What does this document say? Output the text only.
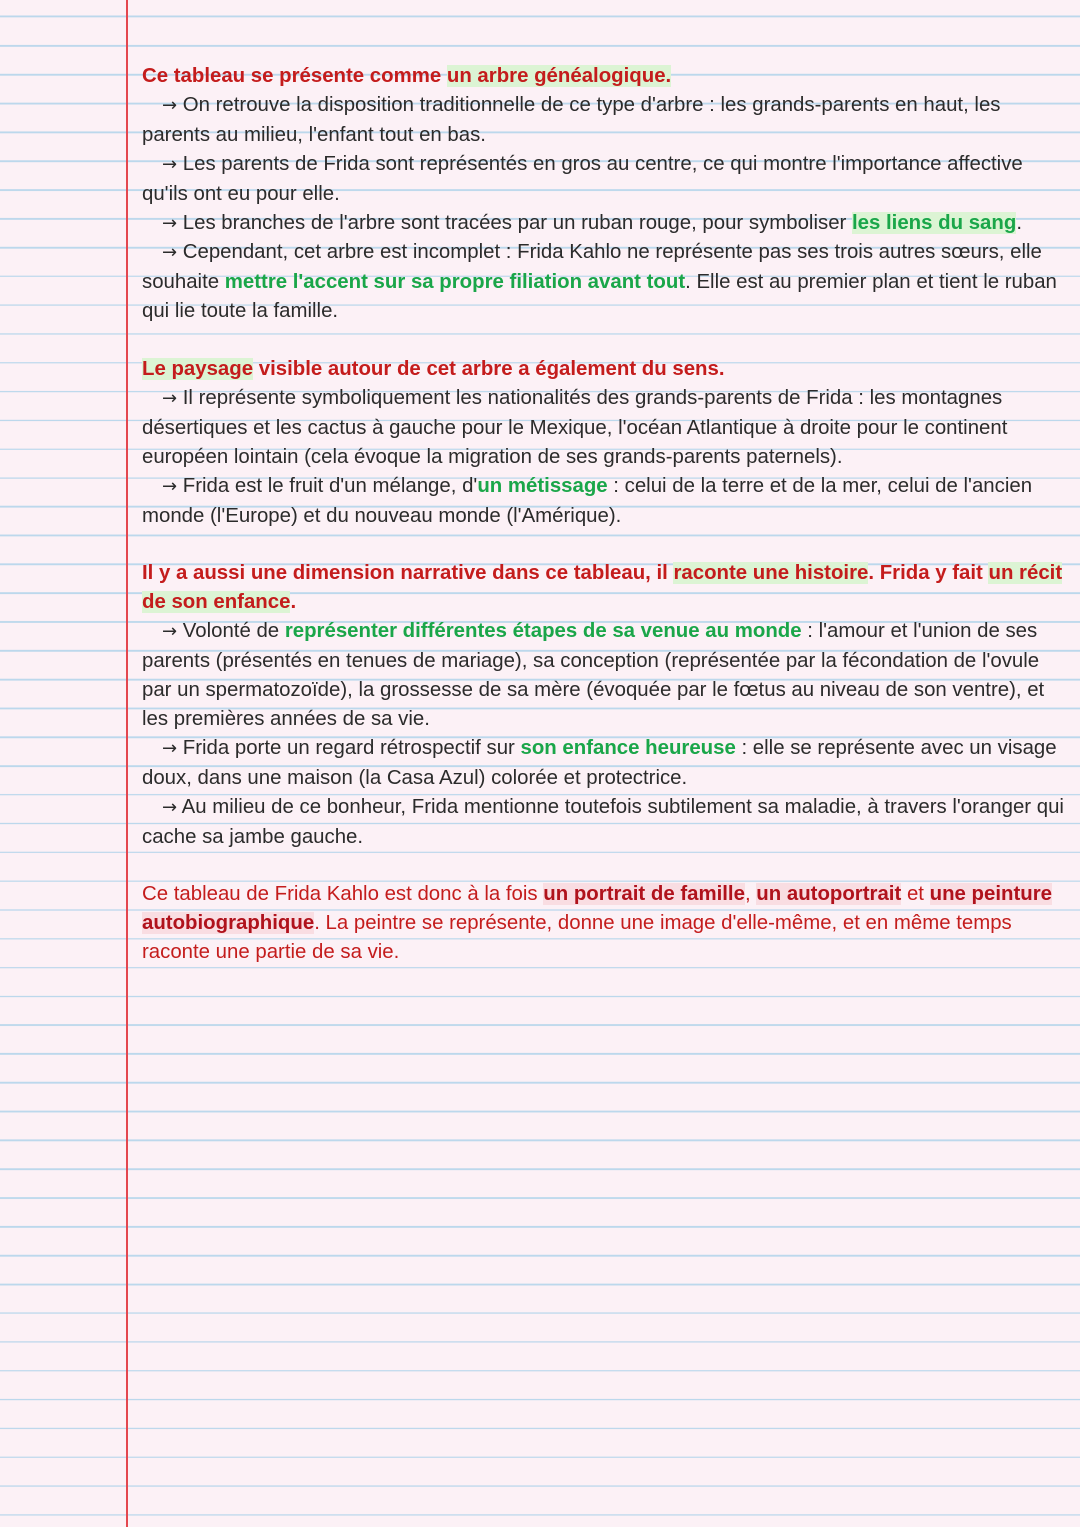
Ce tableau se présente comme un arbre généalogique.

→ On retrouve la disposition traditionnelle de ce type d'arbre : les grands-parents en haut, les parents au milieu, l'enfant tout en bas.

→ Les parents de Frida sont représentés en gros au centre, ce qui montre l'importance affective qu'ils ont eu pour elle.

→ Les branches de l'arbre sont tracées par un ruban rouge, pour symboliser les liens du sang.

→ Cependant, cet arbre est incomplet : Frida Kahlo ne représente pas ses trois autres sœurs, elle souhaite mettre l'accent sur sa propre filiation avant tout. Elle est au premier plan et tient le ruban qui lie toute la famille.

Le paysage visible autour de cet arbre a également du sens.

→ Il représente symboliquement les nationalités des grands-parents de Frida : les montagnes désertiques et les cactus à gauche pour le Mexique, l'océan Atlantique à droite pour le continent européen lointain (cela évoque la migration de ses grands-parents paternels).

→ Frida est le fruit d'un mélange, d'un métissage : celui de la terre et de la mer, celui de l'ancien monde (l'Europe) et du nouveau monde (l'Amérique).

Il y a aussi une dimension narrative dans ce tableau, il raconte une histoire. Frida y fait un récit de son enfance.

→ Volonté de représenter différentes étapes de sa venue au monde : l'amour et l'union de ses parents (présentés en tenues de mariage), sa conception (représentée par la fécondation de l'ovule par un spermatozoïde), la grossesse de sa mère (évoquée par le fœtus au niveau de son ventre), et les premières années de sa vie.

→ Frida porte un regard rétrospectif sur son enfance heureuse : elle se représente avec un visage doux, dans une maison (la Casa Azul) colorée et protectrice.

→ Au milieu de ce bonheur, Frida mentionne toutefois subtilement sa maladie, à travers l'oranger qui cache sa jambe gauche.

Ce tableau de Frida Kahlo est donc à la fois un portrait de famille, un autoportrait et une peinture autobiographique. La peintre se représente, donne une image d'elle-même, et en même temps raconte une partie de sa vie.
